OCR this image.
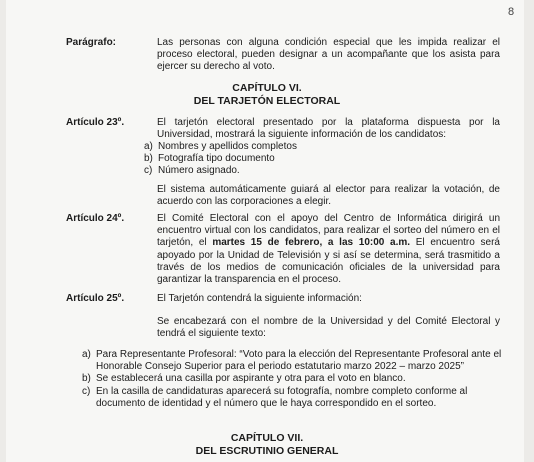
8
Parágrafo:	Las personas con alguna condición especial que les impida realizar el proceso electoral, pueden designar a un acompañante que los asista para ejercer su derecho al voto.
CAPÍTULO VI.
DEL TARJETÓN ELECTORAL
Artículo 23º.	El tarjetón electoral presentado por la plataforma dispuesta por la Universidad, mostrará la siguiente información de los candidatos:
a) Nombres y apellidos completos
b) Fotografía tipo documento
c) Número asignado.
El sistema automáticamente guiará al elector para realizar la votación, de acuerdo con las corporaciones a elegir.
Artículo 24º.	El Comité Electoral con el apoyo del Centro de Informática dirigirá un encuentro virtual con los candidatos, para realizar el sorteo del número en el tarjetón, el martes 15 de febrero, a las 10:00 a.m. El encuentro será apoyado por la Unidad de Televisión y si así se determina, será trasmitido a través de los medios de comunicación oficiales de la universidad para garantizar la transparencia en el proceso.
Artículo 25º.	El Tarjetón contendrá la siguiente información:
Se encabezará con el nombre de la Universidad y del Comité Electoral y tendrá el siguiente texto:
a) Para Representante Profesoral: “Voto para la elección del Representante Profesoral ante el Honorable Consejo Superior para el periodo estatutario marzo 2022 – marzo 2025”
b) Se establecerá una casilla por aspirante y otra para el voto en blanco.
c) En la casilla de candidaturas aparecerá su fotografía, nombre completo conforme al documento de identidad y el número que le haya correspondido en el sorteo.
CAPÍTULO VII.
DEL ESCRUTINIO GENERAL
